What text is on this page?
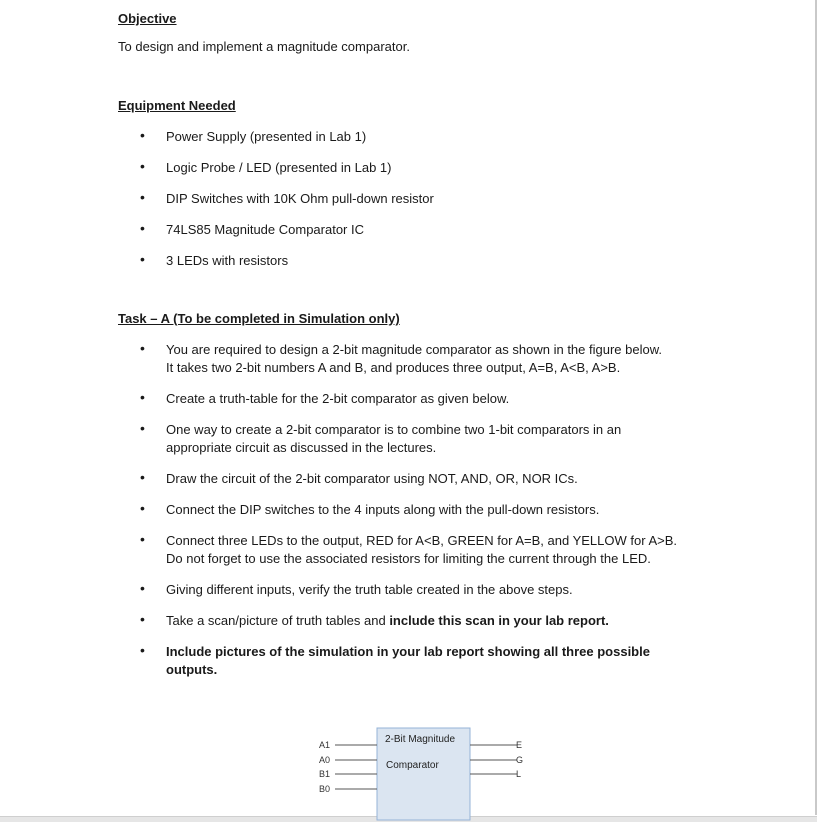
Objective
To design and implement a magnitude comparator.
Equipment Needed
• Power Supply (presented in Lab 1)
• Logic Probe / LED (presented in Lab 1)
• DIP Switches with 10K Ohm pull-down resistor
• 74LS85 Magnitude Comparator IC
• 3 LEDs with resistors
Task – A (To be completed in Simulation only)
• You are required to design a 2-bit magnitude comparator as shown in the figure below.
It takes two 2-bit numbers A and B, and produces three output, A=B, A<B, A>B.
• Create a truth-table for the 2-bit comparator as given below.
• One way to create a 2-bit comparator is to combine two 1-bit comparators in an
appropriate circuit as discussed in the lectures.
• Draw the circuit of the 2-bit comparator using NOT, AND, OR, NOR ICs.
• Connect the DIP switches to the 4 inputs along with the pull-down resistors.
• Connect three LEDs to the output, RED for A<B, GREEN for A=B, and YELLOW for A>B.
Do not forget to use the associated resistors for limiting the current through the LED.
• Giving different inputs, verify the truth table created in the above steps.
• Take a scan/picture of truth tables and include this scan in your lab report.
• Include pictures of the simulation in your lab report showing all three possible
outputs.
2-Bit Magnitude
Comparator
A1
A0
B1
B0
E
G
L
